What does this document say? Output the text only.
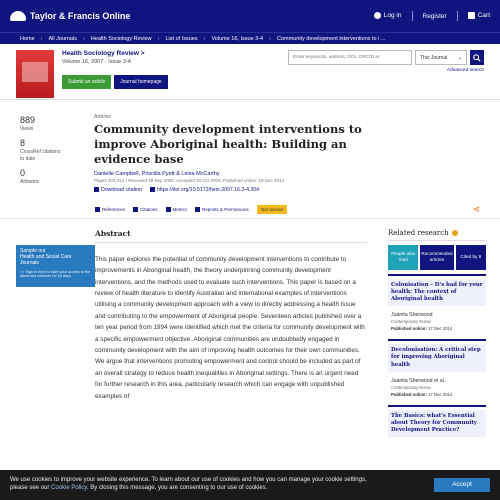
Taylor & Francis Online	Log in	Register	Cart
Home › All Journals › Health Sociology Review › List of Issues › Volume 16, Issue 3-4 › Community development interventions to i ...
Health Sociology Review >
Volume 16, 2007 - Issue 3-4
Submit an article	Journal homepage
Enter keywords, authors, DOI, ORCID et
This Journal ⌄
Advanced search
889
Views
8
CrossRef citations to date
0
Altmetric
Articles
Community development interventions to improve Aboriginal health: Building an evidence base
Danielle Campbell, Priscilla Pyett & Leisa McCarthy
Pages 304-314 | Received 29 Sep 2006, Accepted 30 Oct 2006, Published online: 19 Dec 2014
Download citation	https://doi.org/10.5172/hesr.2007.16.3-4.304
References	Citations	Metrics	Reprints & Permissions	Get access	⋖
Sample our
Health and Social Care
Journals
>> Sign in here to start your access to the latest two volumes for 14 days
Abstract

This paper explores the potential of community development interventions to contribute to improvements in Aboriginal health, the theory underpinning community development interventions, and the methods used to evaluate such interventions. This paper is based on a review of health literature to identify Australian and international examples of interventions utilising a community development approach with a view to directly addressing a health issue and contributing to the empowerment of Aboriginal people. Seventeen articles published over a ten year period from 1994 were identified which met the criteria for community development with a specific empowerment objective. Aboriginal communities are undoubtedly engaged in community development with the aim of improving health outcomes for their own communities. We argue that interventions promoting empowerment and control should be included as part of an overall strategy to reduce health inequalities in Aboriginal settings. There is an urgent need for further research in this area, particularly research which can engage with unpublished examples of

Related research
People also read
Recommended articles
Cited by 8
Colonisation – It's bad for your health: The context of Aboriginal health
Juanita Sherwood
Contemporary Nurse
Published online: 17 Dec 2014
Decolonisation: A critical step for improving Aboriginal health
Juanita Sherwood et al.
Contemporary Nurse
Published online: 17 Dec 2014
The Basics: what's Essential about Theory for Community Development Practice?
We use cookies to improve your website experience. To learn about our use of cookies and how you can manage your cookie settings,
please see our Cookie Policy. By closing this message, you are consenting to our use of cookies.
Accept
